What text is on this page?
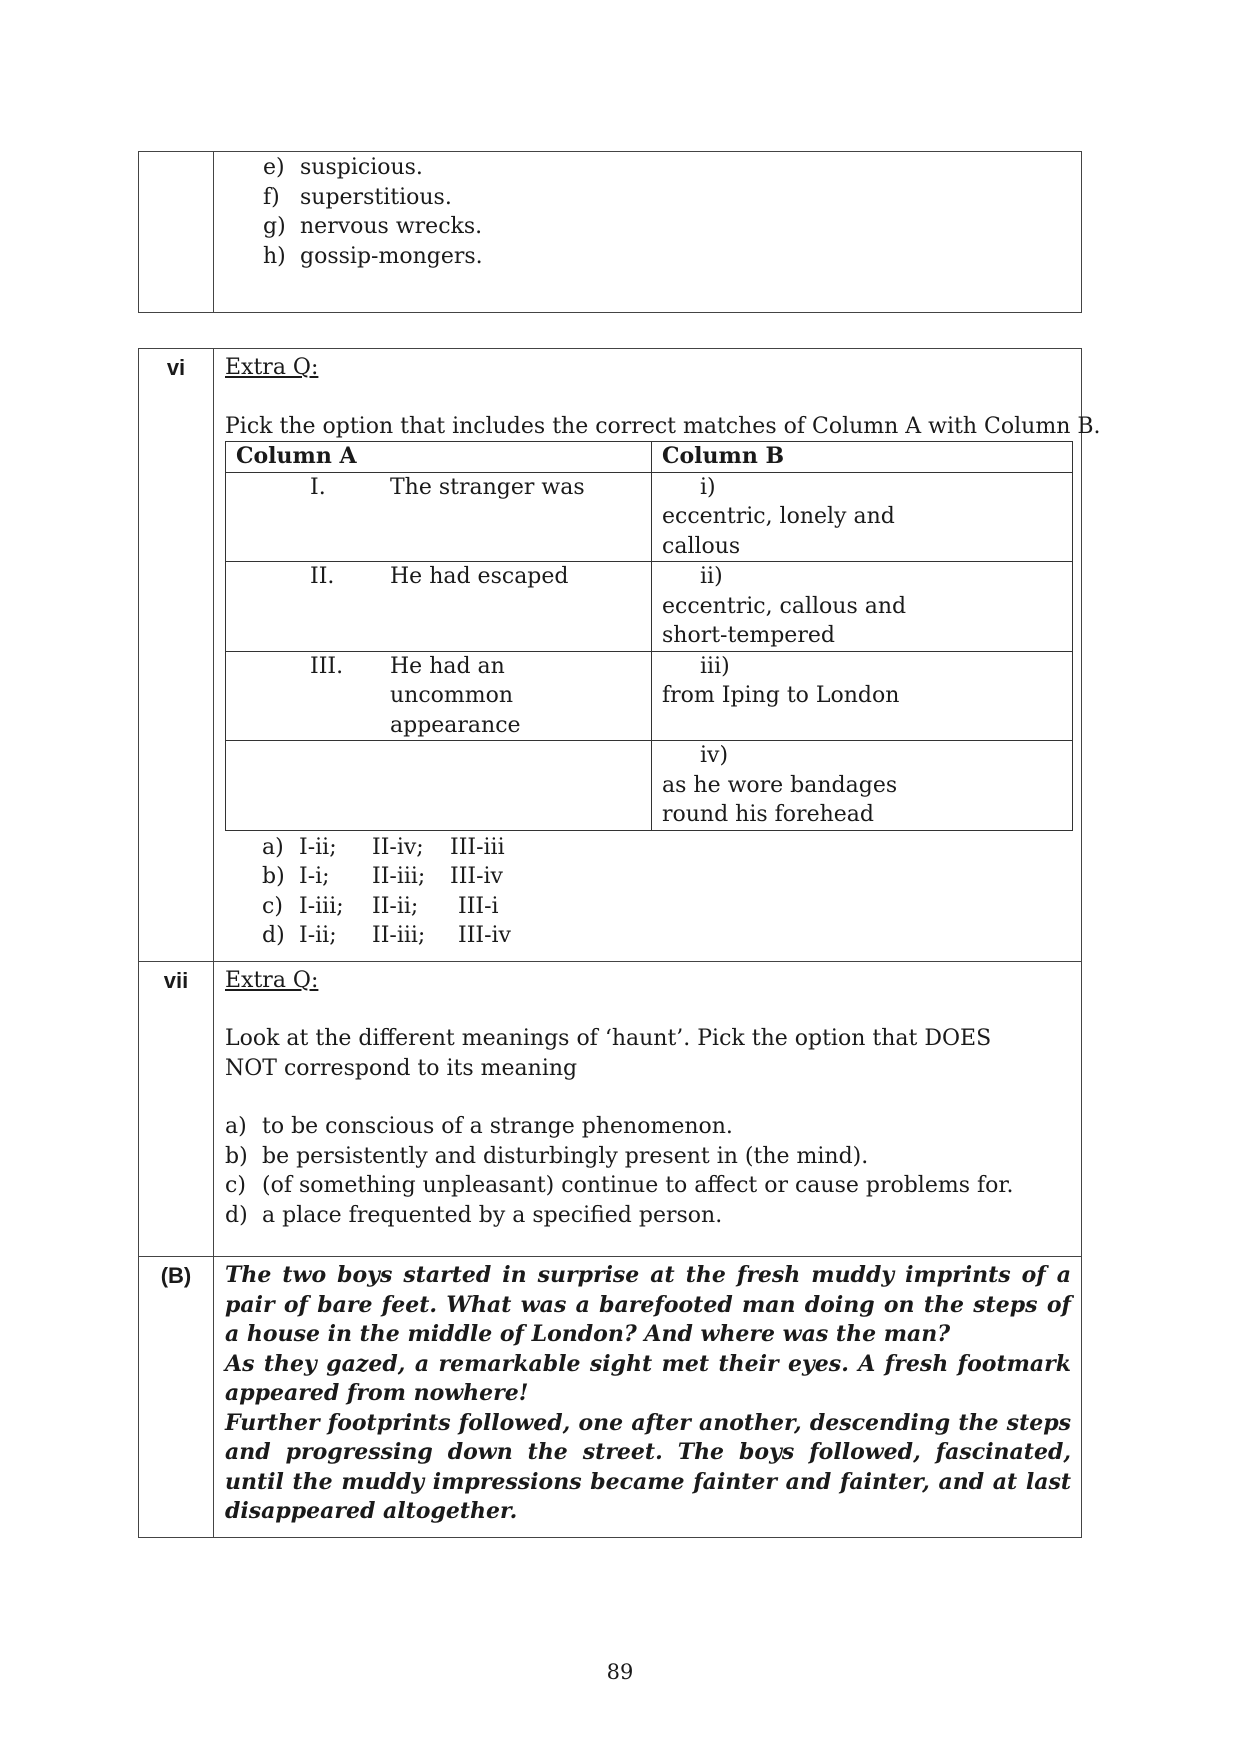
e) suspicious.
f) superstitious.
g) nervous wrecks.
h) gossip-mongers.
vi	Extra Q:
Pick the option that includes the correct matches of Column A with Column B.
Column A	Column B
I.	The stranger was	i)eccentric, lonely and callous
II.	He had escaped	ii)eccentric, callous and short-tempered
III. He had an uncommon appearance	iii)from Iping to London
	iv)as he wore bandages round his forehead
a) I-ii;	II-iv;	III-iii
b) I-i;	II-iii;	III-iv
c) I-iii;	II-ii;	III-i
d) I-ii;	II-iii;	III-iv

vii	Extra Q:
Look at the different meanings of ‘haunt’. Pick the option that DOES NOT correspond to its meaning
a) to be conscious of a strange phenomenon.
b) be persistently and disturbingly present in (the mind).
c) (of something unpleasant) continue to affect or cause problems for.
d) a place frequented by a specified person.

(B)	The two boys started in surprise at the fresh muddy imprints of a pair of bare feet. What was a barefooted man doing on the steps of a house in the middle of London? And where was the man?

As they gazed, a remarkable sight met their eyes. A fresh footmark appeared from nowhere!

Further footprints followed, one after another, descending the steps and progressing down the street. The boys followed, fascinated, until the muddy impressions became fainter and fainter, and at last disappeared altogether.

89
